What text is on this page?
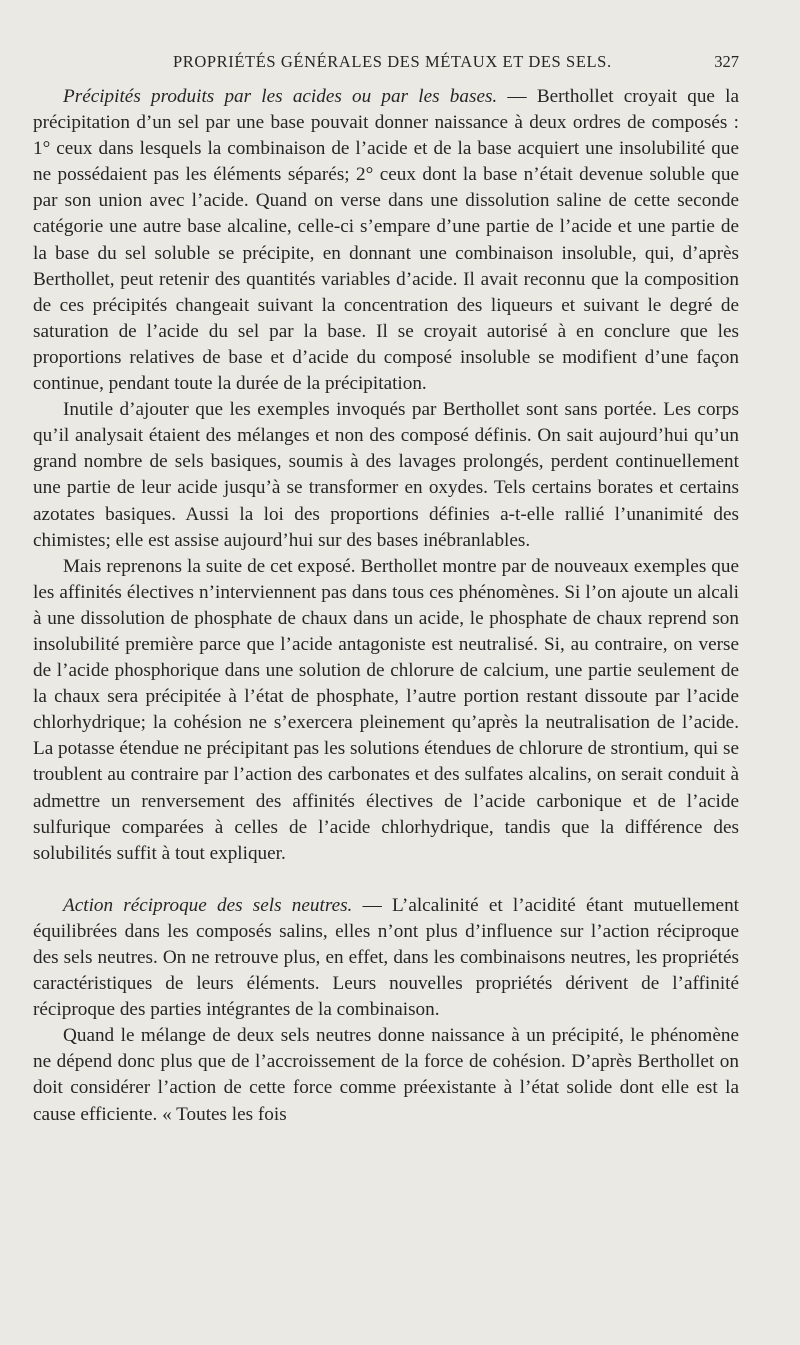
PROPRIÉTÉS GÉNÉRALES DES MÉTAUX ET DES SELS.	327

Précipités produits par les acides ou par les bases. — Berthollet croyait que la précipitation d’un sel par une base pouvait donner naissance à deux ordres de composés : 1° ceux dans lesquels la combinaison de l’acide et de la base acquiert une insolubilité que ne possédaient pas les éléments séparés; 2° ceux dont la base n’était devenue soluble que par son union avec l’acide. Quand on verse dans une dissolution saline de cette seconde catégorie une autre base alcaline, celle-ci s’empare d’une partie de l’acide et une partie de la base du sel soluble se précipite, en donnant une combinaison insoluble, qui, d’après Berthollet, peut retenir des quantités variables d’acide. Il avait reconnu que la composition de ces précipités changeait suivant la concentration des liqueurs et suivant le degré de saturation de l’acide du sel par la base. Il se croyait autorisé à en conclure que les proportions relatives de base et d’acide du composé insoluble se modifient d’une façon continue, pendant toute la durée de la précipitation.

Inutile d’ajouter que les exemples invoqués par Berthollet sont sans portée. Les corps qu’il analysait étaient des mélanges et non des composé définis. On sait aujourd’hui qu’un grand nombre de sels basiques, soumis à des lavages prolongés, perdent continuellement une partie de leur acide jusqu’à se transformer en oxydes. Tels certains borates et certains azotates basiques. Aussi la loi des proportions définies a-t-elle rallié l’unanimité des chimistes; elle est assise aujourd’hui sur des bases inébranlables.

Mais reprenons la suite de cet exposé. Berthollet montre par de nouveaux exemples que les affinités électives n’interviennent pas dans tous ces phénomènes. Si l’on ajoute un alcali à une dissolution de phosphate de chaux dans un acide, le phosphate de chaux reprend son insolubilité première parce que l’acide antagoniste est neutralisé. Si, au contraire, on verse de l’acide phosphorique dans une solution de chlorure de calcium, une partie seulement de la chaux sera précipitée à l’état de phosphate, l’autre portion restant dissoute par l’acide chlorhydrique; la cohésion ne s’exercera pleinement qu’après la neutralisation de l’acide. La potasse étendue ne précipitant pas les solutions étendues de chlorure de strontium, qui se troublent au contraire par l’action des carbonates et des sulfates alcalins, on serait conduit à admettre un renversement des affinités électives de l’acide carbonique et de l’acide sulfurique comparées à celles de l’acide chlorhydrique, tandis que la différence des solubilités suffit à tout expliquer.

Action réciproque des sels neutres. — L’alcalinité et l’acidité étant mutuellement équilibrées dans les composés salins, elles n’ont plus d’influence sur l’action réciproque des sels neutres. On ne retrouve plus, en effet, dans les combinaisons neutres, les propriétés caractéristiques de leurs éléments. Leurs nouvelles propriétés dérivent de l’affinité réciproque des parties intégrantes de la combinaison.

Quand le mélange de deux sels neutres donne naissance à un précipité, le phénomène ne dépend donc plus que de l’accroissement de la force de cohésion. D’après Berthollet on doit considérer l’action de cette force comme préexistante à l’état solide dont elle est la cause efficiente. « Toutes les fois
